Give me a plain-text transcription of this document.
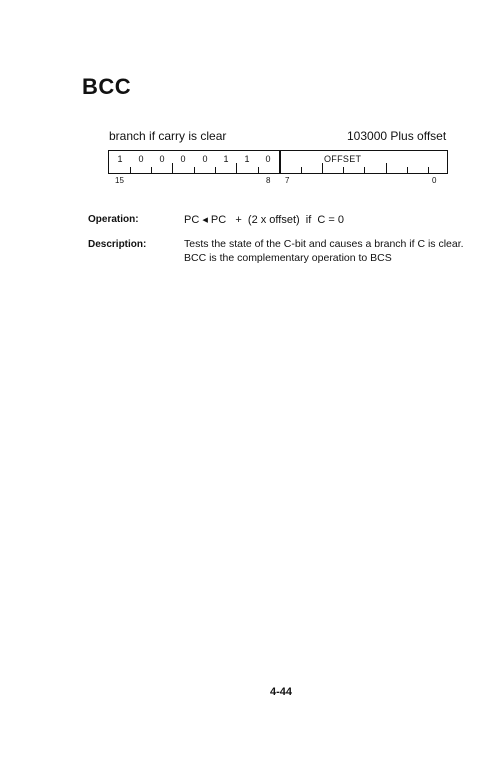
BCC
branch if carry is clear	103000 Plus offset
1	0	0	0	0	1	1	0	OFFSET
15	8 7	0
Operation:	PC ◂ PC   +  (2 x offset)  if  C = 0
Description:	Tests the state of the C-bit and causes a branch if C is clear.
BCC is the complementary operation to BCS
4-44
